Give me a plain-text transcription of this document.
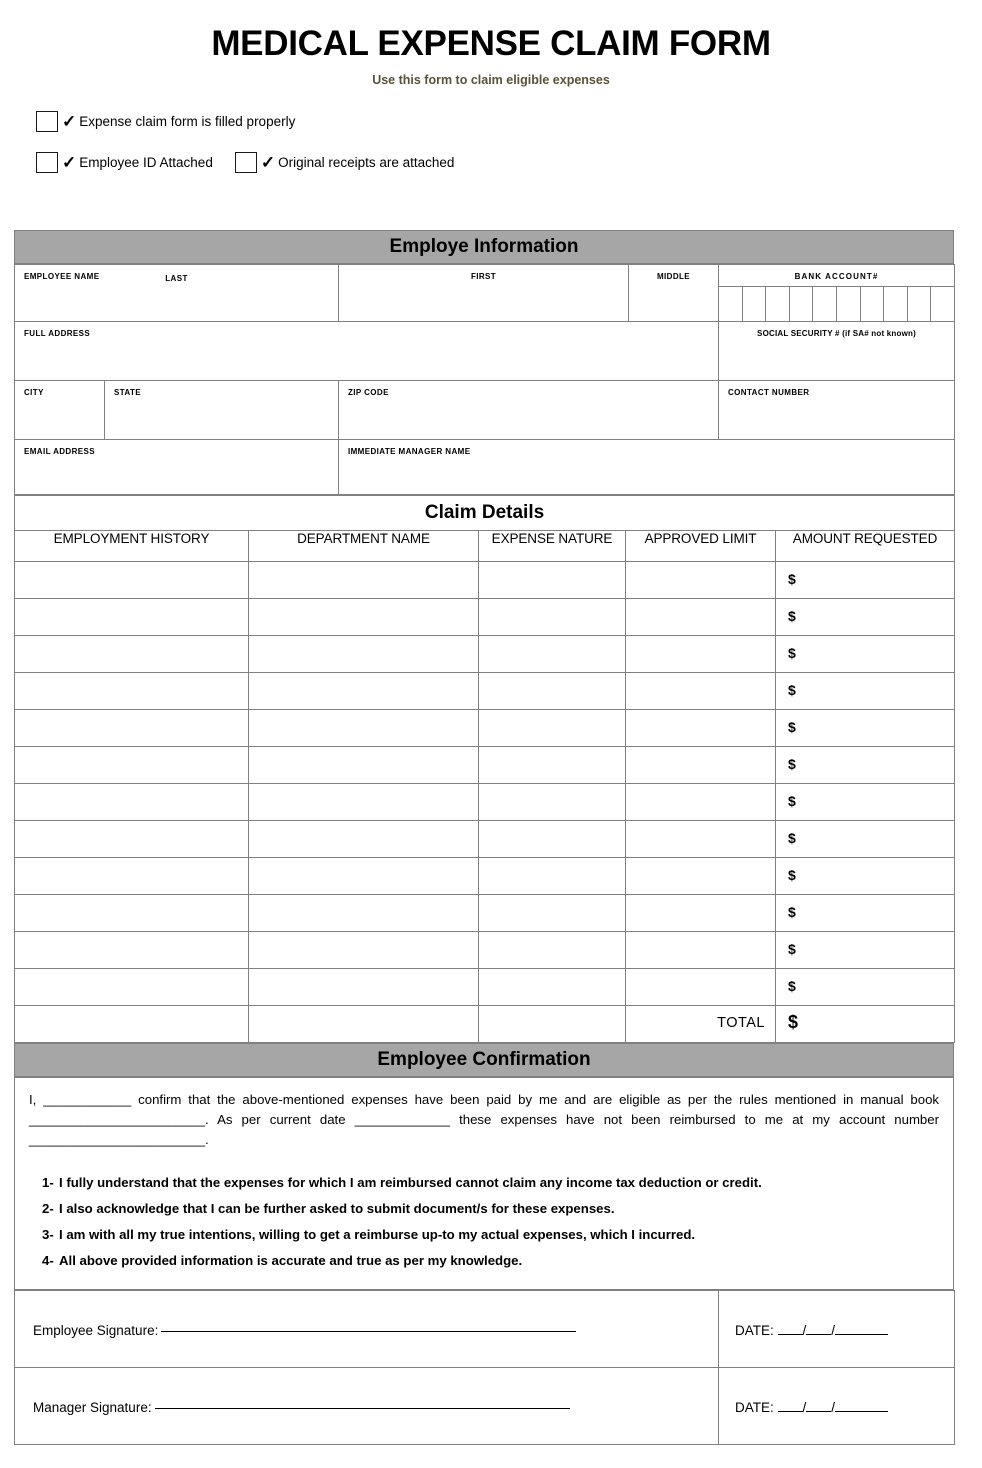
MEDICAL EXPENSE CLAIM FORM

Use this form to claim eligible expenses

✓ Expense claim form is filled properly
✓ Employee ID Attached	✓ Original receipts are attached
Employe Information
EMPLOYEE NAME LAST		FIRST	MIDDLE	BANK ACCOUNT#

FULL ADDRESS				SOCIAL SECURITY # (if SA# not known)

CITY	STATE	ZIP CODE		CONTACT NUMBER

EMAIL ADDRESS		IMMEDIATE MANAGER NAME		
Claim Details				
EMPLOYMENT HISTORY	DEPARTMENT NAME	EXPENSE NATURE	APPROVED LIMIT	AMOUNT REQUESTED

				$

				$

				$

				$

				$

				$

				$

				$

				$

				$

				$

				$

			TOTAL	$
Employee Confirmation

I, ____________ confirm that the above-mentioned expenses have been paid by me and are eligible as per the rules mentioned in manual book ________________________. As per current date _____________ these expenses have not been reimbursed to me at my account number ________________________.

1- I fully understand that the expenses for which I am reimbursed cannot claim any income tax deduction or credit.
2- I also acknowledge that I can be further asked to submit document/s for these expenses.
3- I am with all my true intentions, willing to get a reimburse up-to my actual expenses, which I incurred.
4- All above provided information is accurate and true as per my knowledge.
Employee Signature:	DATE: / /

Manager Signature:	DATE: / /
